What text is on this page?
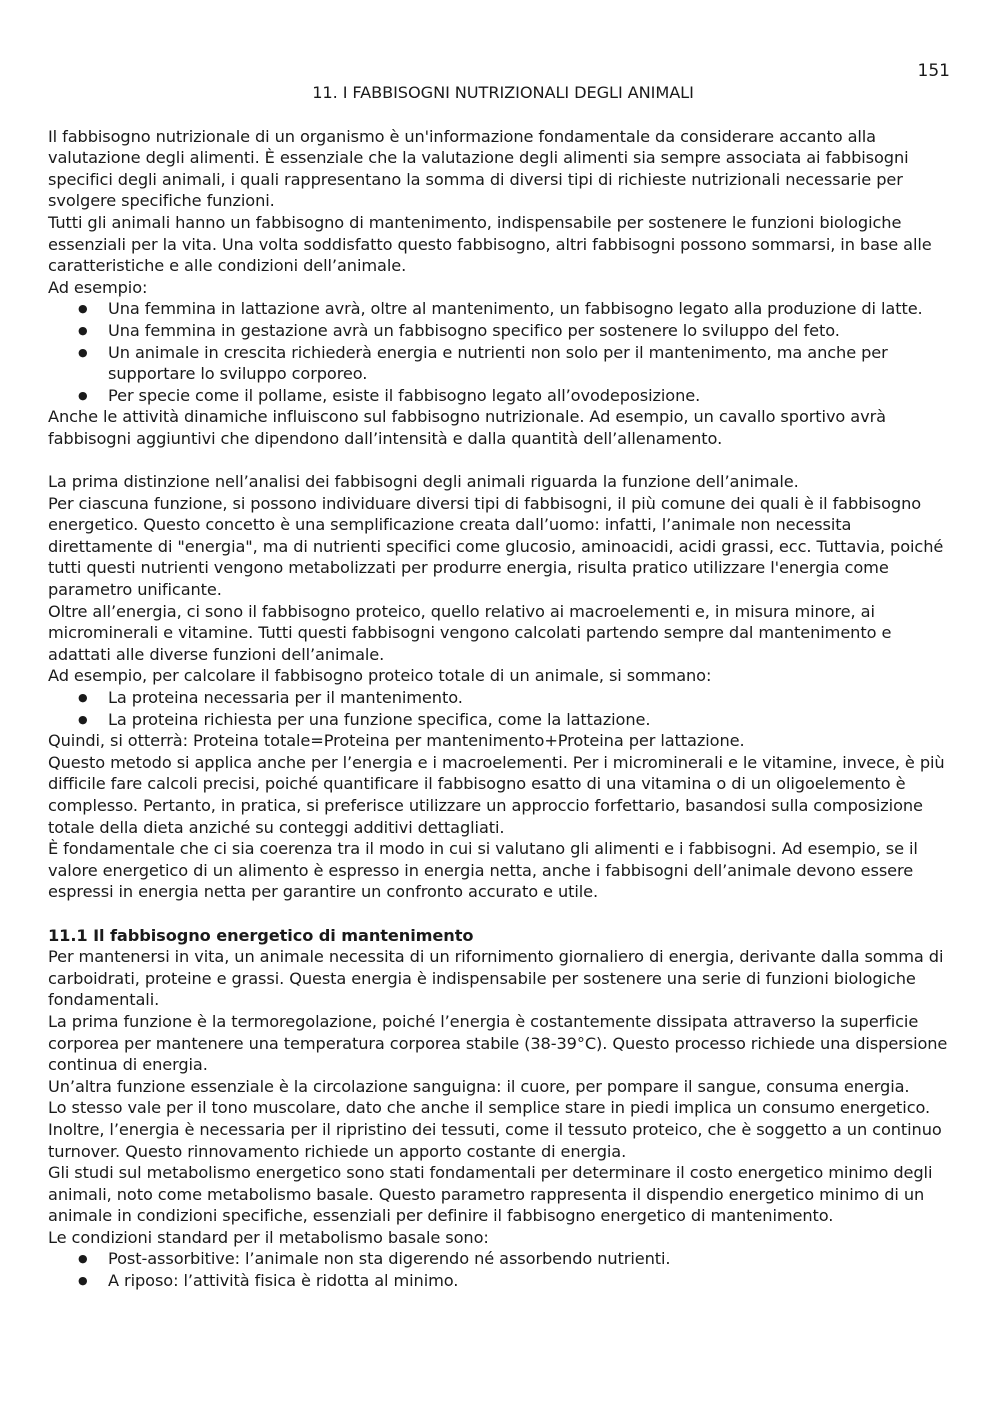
151
11. I FABBISOGNI NUTRIZIONALI DEGLI ANIMALI

Il fabbisogno nutrizionale di un organismo è un'informazione fondamentale da considerare accanto alla valutazione degli alimenti. È essenziale che la valutazione degli alimenti sia sempre associata ai fabbisogni specifici degli animali, i quali rappresentano la somma di diversi tipi di richieste nutrizionali necessarie per svolgere specifiche funzioni.

Tutti gli animali hanno un fabbisogno di mantenimento, indispensabile per sostenere le funzioni biologiche essenziali per la vita. Una volta soddisfatto questo fabbisogno, altri fabbisogni possono sommarsi, in base alle caratteristiche e alle condizioni dell’animale.

Ad esempio:

● Una femmina in lattazione avrà, oltre al mantenimento, un fabbisogno legato alla produzione di latte.
● Una femmina in gestazione avrà un fabbisogno specifico per sostenere lo sviluppo del feto.
● Un animale in crescita richiederà energia e nutrienti non solo per il mantenimento, ma anche per supportare lo sviluppo corporeo.
● Per specie come il pollame, esiste il fabbisogno legato all’ovodeposizione.

Anche le attività dinamiche influiscono sul fabbisogno nutrizionale. Ad esempio, un cavallo sportivo avrà fabbisogni aggiuntivi che dipendono dall’intensità e dalla quantità dell’allenamento.

La prima distinzione nell’analisi dei fabbisogni degli animali riguarda la funzione dell’animale.

Per ciascuna funzione, si possono individuare diversi tipi di fabbisogni, il più comune dei quali è il fabbisogno energetico. Questo concetto è una semplificazione creata dall’uomo: infatti, l’animale non necessita direttamente di "energia", ma di nutrienti specifici come glucosio, aminoacidi, acidi grassi, ecc. Tuttavia, poiché tutti questi nutrienti vengono metabolizzati per produrre energia, risulta pratico utilizzare l'energia come parametro unificante.

Oltre all’energia, ci sono il fabbisogno proteico, quello relativo ai macroelementi e, in misura minore, ai microminerali e vitamine. Tutti questi fabbisogni vengono calcolati partendo sempre dal mantenimento e adattati alle diverse funzioni dell’animale.

Ad esempio, per calcolare il fabbisogno proteico totale di un animale, si sommano:

● La proteina necessaria per il mantenimento.
● La proteina richiesta per una funzione specifica, come la lattazione.

Quindi, si otterrà: Proteina totale=Proteina per mantenimento+Proteina per lattazione.

Questo metodo si applica anche per l’energia e i macroelementi. Per i microminerali e le vitamine, invece, è più difficile fare calcoli precisi, poiché quantificare il fabbisogno esatto di una vitamina o di un oligoelemento è complesso. Pertanto, in pratica, si preferisce utilizzare un approccio forfettario, basandosi sulla composizione totale della dieta anziché su conteggi additivi dettagliati.

È fondamentale che ci sia coerenza tra il modo in cui si valutano gli alimenti e i fabbisogni. Ad esempio, se il valore energetico di un alimento è espresso in energia netta, anche i fabbisogni dell’animale devono essere espressi in energia netta per garantire un confronto accurato e utile.

11.1 Il fabbisogno energetico di mantenimento

Per mantenersi in vita, un animale necessita di un rifornimento giornaliero di energia, derivante dalla somma di carboidrati, proteine e grassi. Questa energia è indispensabile per sostenere una serie di funzioni biologiche fondamentali.

La prima funzione è la termoregolazione, poiché l’energia è costantemente dissipata attraverso la superficie corporea per mantenere una temperatura corporea stabile (38-39°C). Questo processo richiede una dispersione continua di energia.

Un’altra funzione essenziale è la circolazione sanguigna: il cuore, per pompare il sangue, consuma energia.

Lo stesso vale per il tono muscolare, dato che anche il semplice stare in piedi implica un consumo energetico.

Inoltre, l’energia è necessaria per il ripristino dei tessuti, come il tessuto proteico, che è soggetto a un continuo turnover. Questo rinnovamento richiede un apporto costante di energia.

Gli studi sul metabolismo energetico sono stati fondamentali per determinare il costo energetico minimo degli animali, noto come metabolismo basale. Questo parametro rappresenta il dispendio energetico minimo di un animale in condizioni specifiche, essenziali per definire il fabbisogno energetico di mantenimento.

Le condizioni standard per il metabolismo basale sono:

● Post-assorbitive: l’animale non sta digerendo né assorbendo nutrienti.
● A riposo: l’attività fisica è ridotta al minimo.
